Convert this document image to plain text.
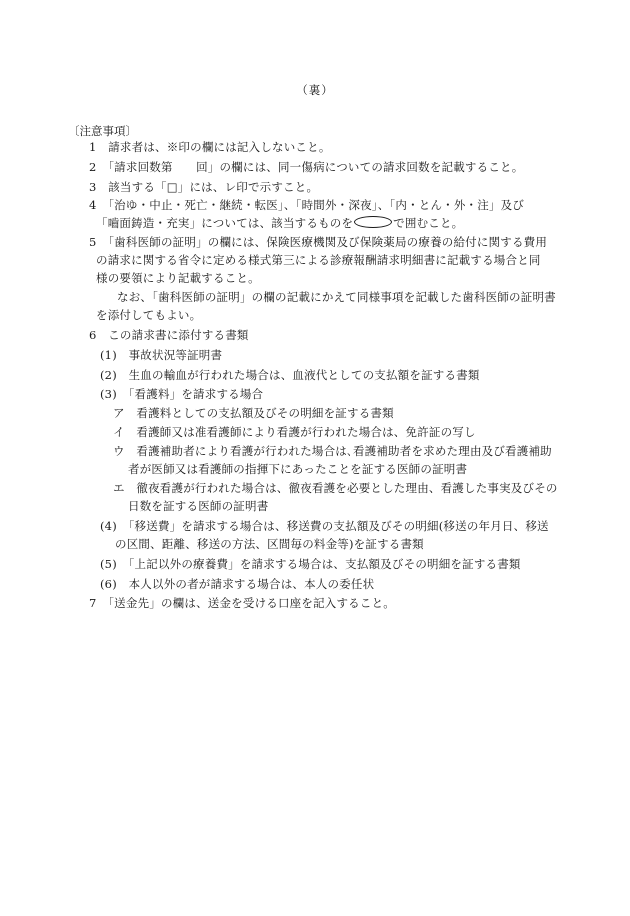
（裏）
〔注意事項〕
1　請求者は、※印の欄には記入しないこと。
2　「請求回数第　　回」の欄には、同一傷病についての請求回数を記載すること。
3　該当する「□」には、レ印で示すこと。
4　「治ゆ・中止・死亡・継続・転医」、「時間外・深夜」、「内・とん・外・注」及び
「嚙面鋳造・充実」については、該当するものを	で囲むこと。
5　「歯科医師の証明」の欄には、保険医療機関及び保険薬局の療養の給付に関する費用
の請求に関する省令に定める様式第三による診療報酬請求明細書に記載する場合と同
様の要領により記載すること。
なお、「歯科医師の証明」の欄の記載にかえて同様事項を記載した歯科医師の証明書
を添付してもよい。
6　この請求書に添付する書類
(1)　事故状況等証明書
(2)　生血の輸血が行われた場合は、血液代としての支払額を証する書類
(3)　「看護料」を請求する場合
ア　看護料としての支払額及びその明細を証する書類
イ　看護師又は准看護師により看護が行われた場合は、免許証の写し
ウ　看護補助者により看護が行われた場合は､看護補助者を求めた理由及び看護補助
者が医師又は看護師の指揮下にあったことを証する医師の証明書
エ　徹夜看護が行われた場合は、徹夜看護を必要とした理由、看護した事実及びその
日数を証する医師の証明書
(4)　「移送費」を請求する場合は、移送費の支払額及びその明細(移送の年月日、移送
の区間、距離、移送の方法、区間毎の料金等)を証する書類
(5)　「上記以外の療養費」を請求する場合は、支払額及びその明細を証する書類
(6)　本人以外の者が請求する場合は、本人の委任状
7　「送金先」の欄は、送金を受ける口座を記入すること。
